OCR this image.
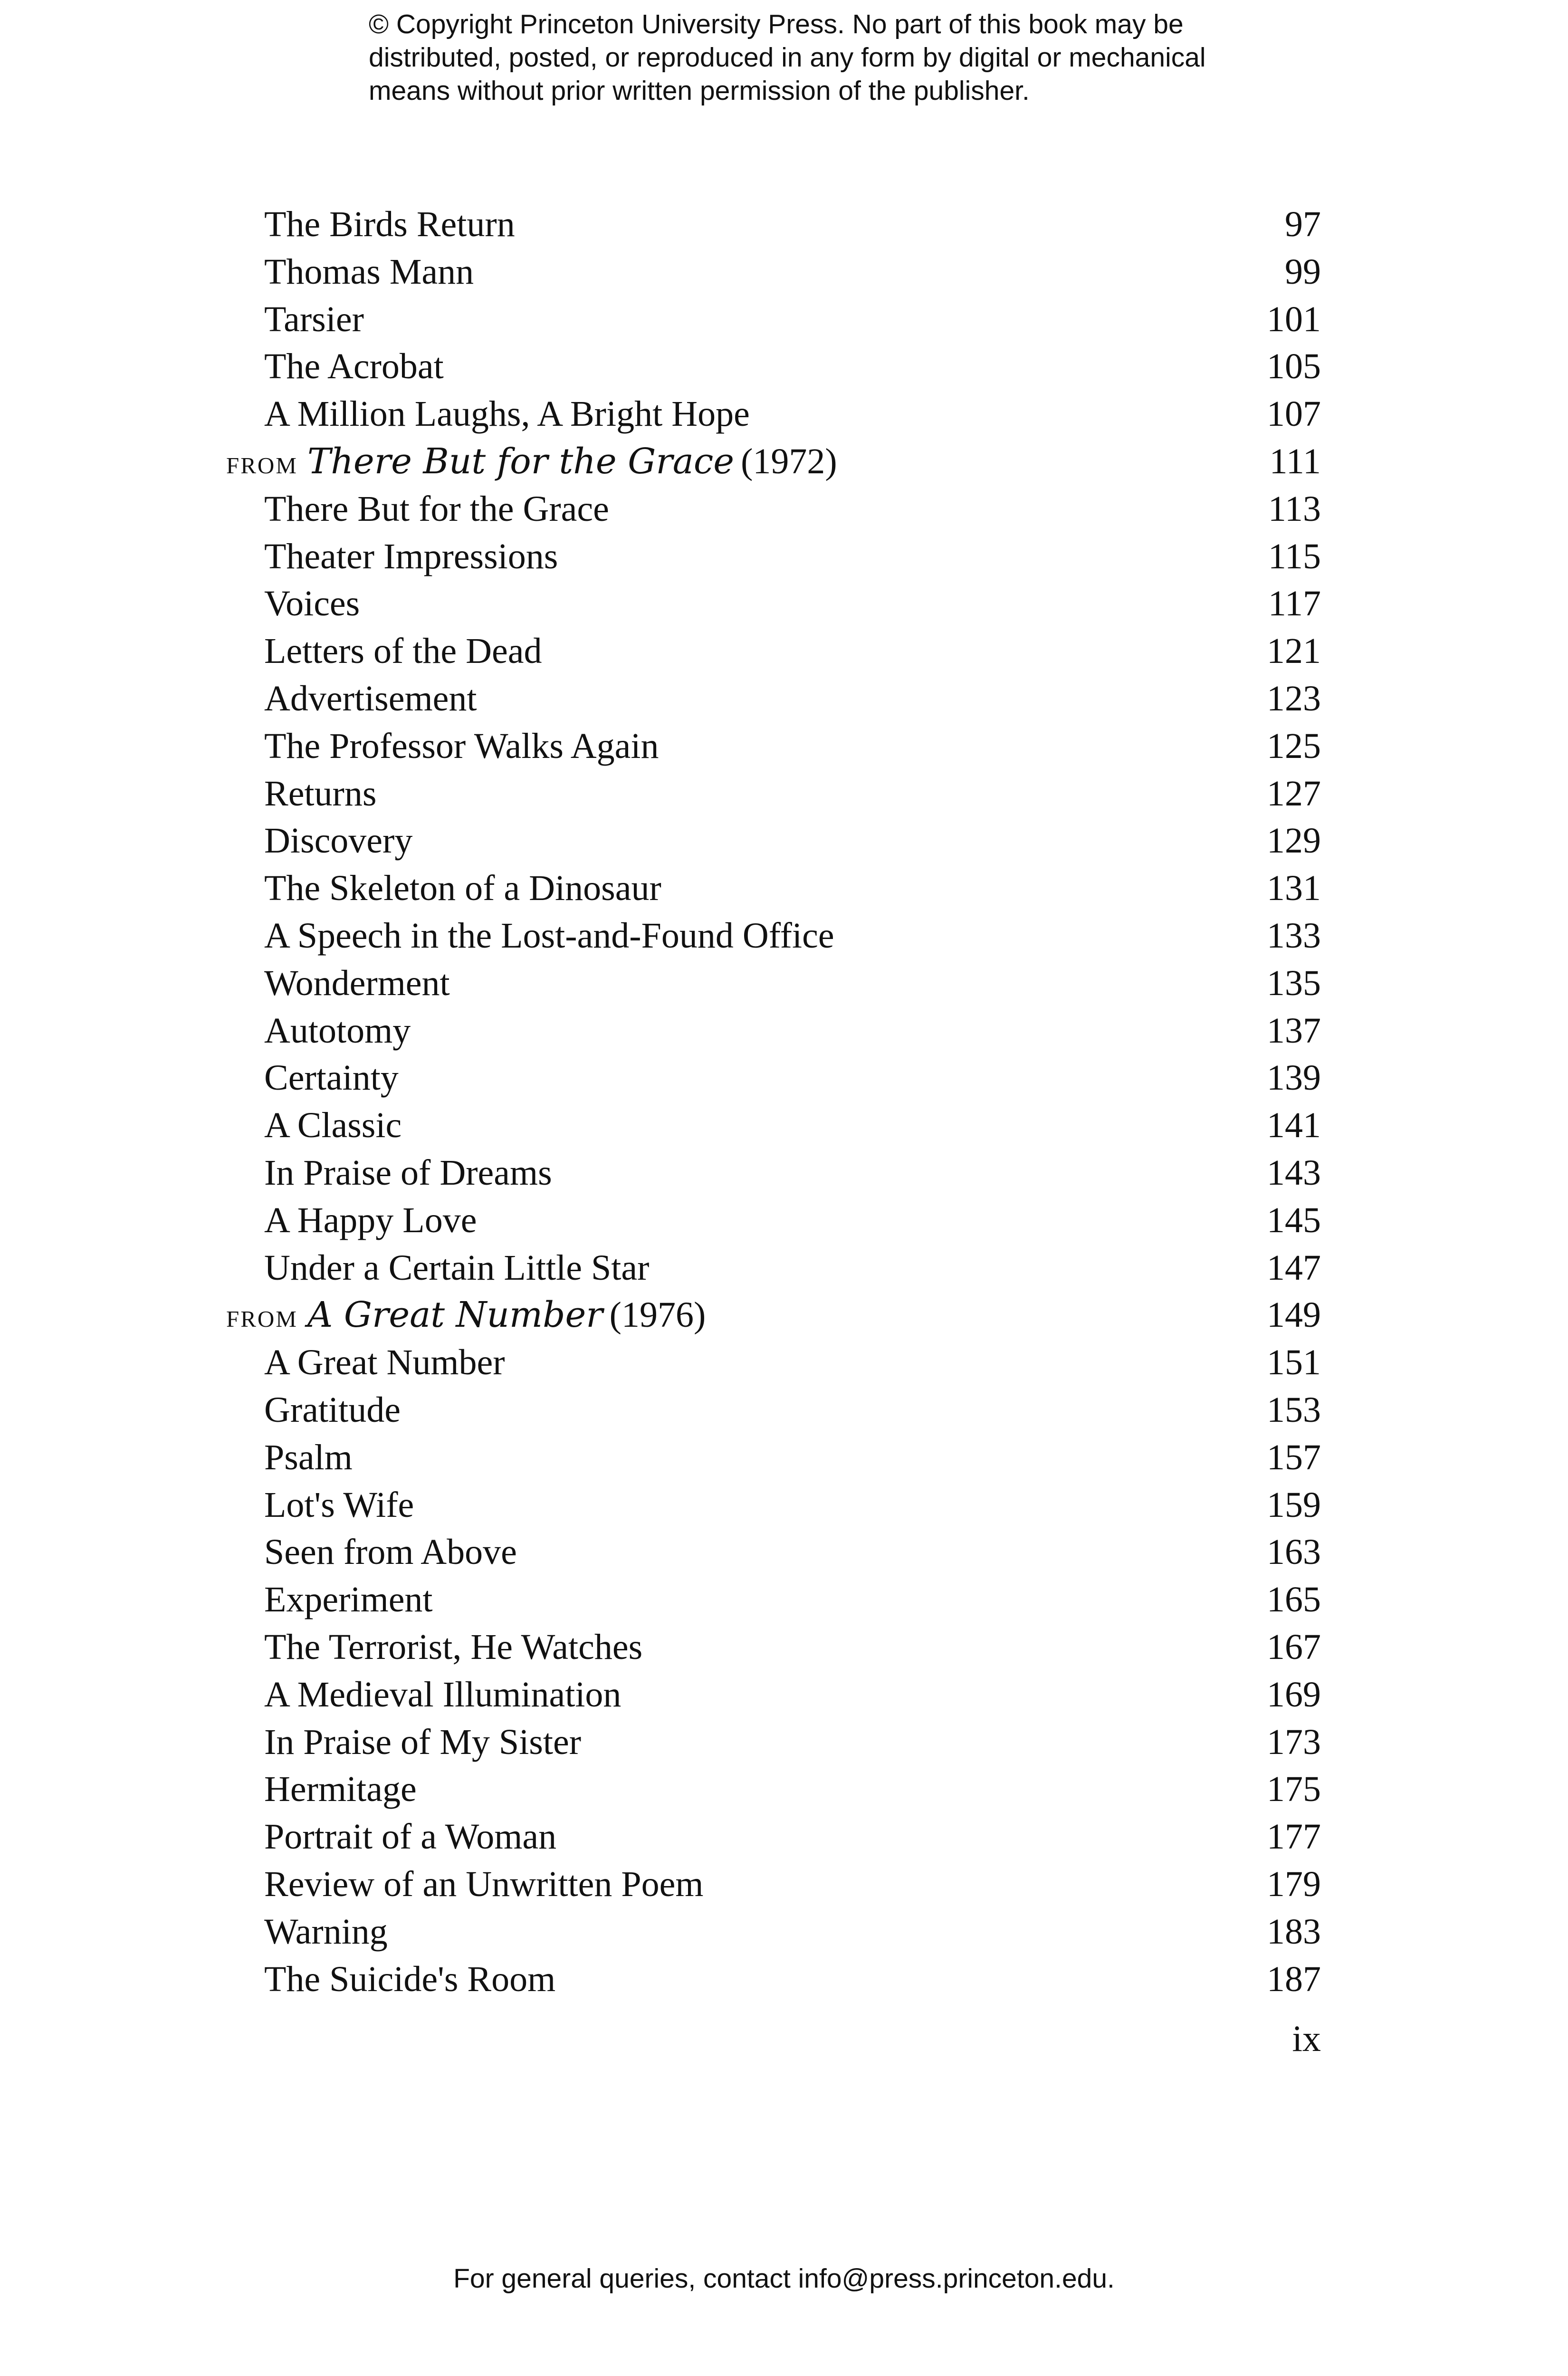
© Copyright Princeton University Press. No part of this book may be
distributed, posted, or reproduced in any form by digital or mechanical
means without prior written permission of the publisher.
The Birds Return	97
Thomas Mann	99
Tarsier	101
The Acrobat	105
A Million Laughs, A Bright Hope	107
from There But for the Grace (1972)	111
There But for the Grace	113
Theater Impressions	115
Voices	117
Letters of the Dead	121
Advertisement	123
The Professor Walks Again	125
Returns	127
Discovery	129
The Skeleton of a Dinosaur	131
A Speech in the Lost-and-Found Office	133
Wonderment	135
Autotomy	137
Certainty	139
A Classic	141
In Praise of Dreams	143
A Happy Love	145
Under a Certain Little Star	147
from A Great Number (1976)	149
A Great Number	151
Gratitude	153
Psalm	157
Lot's Wife	159
Seen from Above	163
Experiment	165
The Terrorist, He Watches	167
A Medieval Illumination	169
In Praise of My Sister	173
Hermitage	175
Portrait of a Woman	177
Review of an Unwritten Poem	179
Warning	183
The Suicide's Room	187
ix
For general queries, contact info@press.princeton.edu.
